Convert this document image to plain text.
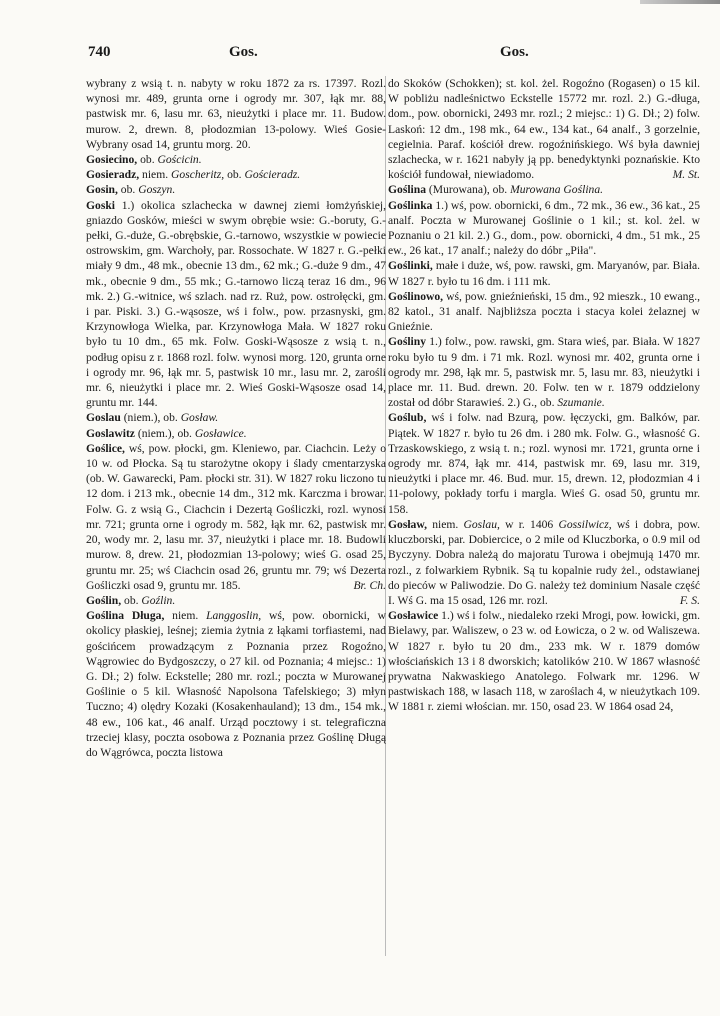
740	Gos.	Gos.

wybrany z wsią t. n. nabyty w roku 1872 za rs. 17397. Rozl. wynosi mr. 489, grunta orne i ogrody mr. 307, łąk mr. 88, pastwisk mr. 6, lasu mr. 63, nieużytki i place mr. 11. Budow. murow. 2, drewn. 8, płodozmian 13-polowy. Wieś Gosie-Wybrany osad 14, gruntu morg. 20.

Gosiecino, ob. Gościcin.

Gosieradz, niem. Goscheritz, ob. Gościeradz.

Gosin, ob. Goszyn.

Goski 1.) okolica szlachecka w dawnej ziemi łomżyńskiej, gniazdo Gosków, mieści w swym obrębie wsie: G.-boruty, G.-pełki, G.-duże, G.-obrębskie, G.-tarnowo, wszystkie w powiecie ostrowskim, gm. Warchoły, par. Rossochate. W 1827 r. G.-pełki miały 9 dm., 48 mk., obecnie 13 dm., 62 mk.; G.-duże 9 dm., 47 mk., obecnie 9 dm., 55 mk.; G.-tarnowo liczą teraz 16 dm., 96 mk. 2.) G.-witnice, wś szlach. nad rz. Ruż, pow. ostrołęcki, gm. i par. Piski. 3.) G.-wąsosze, wś i folw., pow. przasnyski, gm. Krzynowłoga Wielka, par. Krzynowłoga Mała. W 1827 roku było tu 10 dm., 65 mk. Folw. Goski-Wąsosze z wsią t. n., podług opisu z r. 1868 rozl. folw. wynosi morg. 120, grunta orne i ogrody mr. 96, łąk mr. 5, pastwisk 10 mr., lasu mr. 2, zarośli mr. 6, nieużytki i place mr. 2. Wieś Goski-Wąsosze osad 14, gruntu mr. 144.

Goslau (niem.), ob. Gosław.

Goslawitz (niem.), ob. Gosławice.

Goślice, wś, pow. płocki, gm. Kleniewo, par. Ciachcin. Leży o 10 w. od Płocka. Są tu starożytne okopy i ślady cmentarzyska (ob. W. Gawarecki, Pam. płocki str. 31). W 1827 roku liczono tu 12 dom. i 213 mk., obecnie 14 dm., 312 mk. Karczma i browar. Folw. G. z wsią G., Ciachcin i Dezertą Gośliczki, rozl. wynosi mr. 721; grunta orne i ogrody m. 582, łąk mr. 62, pastwisk mr. 20, wody mr. 2, lasu mr. 37, nieużytki i place mr. 18. Budowli murow. 8, drew. 21, płodozmian 13-polowy; wieś G. osad 25, gruntu mr. 25; wś Ciachcin osad 26, gruntu mr. 79; wś Dezerta Gośliczki osad 9, gruntu mr. 185.	Br. Ch.

Goślin, ob. Goźlin.

Goślina Długa, niem. Langgoslin, wś, pow. obornicki, w okolicy płaskiej, leśnej; ziemia żytnia z łąkami torfiastemi, nad gościńcem prowadzącym z Poznania przez Rogoźno, Wągrowiec do Bydgoszczy, o 27 kil. od Poznania; 4 miejsc.: 1) G. Dł.; 2) folw. Eckstelle; 280 mr. rozl.; poczta w Murowanej Goślinie o 5 kil. Własność Napolsona Tafelskiego; 3) młyn Tuczno; 4) olędry Kozaki (Kosakenhauland); 13 dm., 154 mk., 48 ew., 106 kat., 46 analf. Urząd pocztowy i st. telegraficzna trzeciej klasy, poczta osobowa z Poznania przez Goślinę Długą do Wągrówca, poczta listowa

do Skoków (Schokken); st. kol. żel. Rogoźno (Rogasen) o 15 kil. W pobliżu nadleśnictwo Eckstelle 15772 mr. rozl. 2.) G.-długa, dom., pow. obornicki, 2493 mr. rozl.; 2 miejsc.: 1) G. Dł.; 2) folw. Laskoń: 12 dm., 198 mk., 64 ew., 134 kat., 64 analf., 3 gorzelnie, cegielnia. Paraf. kościół drew. rogoźnińskiego. Wś była dawniej szlachecka, w r. 1621 nabyły ją pp. benedyktynki poznańskie. Kto kościół fundował, niewiadomo.	M. St.

Goślina (Murowana), ob. Murowana Goślina.

Goślinka 1.) wś, pow. obornicki, 6 dm., 72 mk., 36 ew., 36 kat., 25 analf. Poczta w Murowanej Goślinie o 1 kil.; st. kol. żel. w Poznaniu o 21 kil. 2.) G., dom., pow. obornicki, 4 dm., 51 mk., 25 ew., 26 kat., 17 analf.; należy do dóbr „Piła".

Goślinki, małe i duże, wś, pow. rawski, gm. Maryanów, par. Biała. W 1827 r. było tu 16 dm. i 111 mk.

Goślinowo, wś, pow. gnieźnieński, 15 dm., 92 mieszk., 10 ewang., 82 katol., 31 analf. Najbliższa poczta i stacya kolei żelaznej w Gnieźnie.

Gośliny 1.) folw., pow. rawski, gm. Stara wieś, par. Biała. W 1827 roku było tu 9 dm. i 71 mk. Rozl. wynosi mr. 402, grunta orne i ogrody mr. 298, łąk mr. 5, pastwisk mr. 5, lasu mr. 83, nieużytki i place mr. 11. Bud. drewn. 20. Folw. ten w r. 1879 oddzielony został od dóbr Starawieś. 2.) G., ob. Szumanie.

Goślub, wś i folw. nad Bzurą, pow. łęczycki, gm. Balków, par. Piątek. W 1827 r. było tu 26 dm. i 280 mk. Folw. G., własność G. Trzaskowskiego, z wsią t. n.; rozl. wynosi mr. 1721, grunta orne i ogrody mr. 874, łąk mr. 414, pastwisk mr. 69, lasu mr. 319, nieużytki i place mr. 46. Bud. mur. 15, drewn. 12, płodozmian 4 i 11-polowy, pokłady torfu i margla. Wieś G. osad 50, gruntu mr. 158.

Gosław, niem. Goslau, w r. 1406 Gossilwicz, wś i dobra, pow. kluczborski, par. Dobiercice, o 2 mile od Kluczborka, o 0.9 mil od Byczyny. Dobra należą do majoratu Turowa i obejmują 1470 mr. rozl., z folwarkiem Rybnik. Są tu kopalnie rudy żel., odstawianej do pieców w Paliwodzie. Do G. należy też dominium Nasale część I. Wś G. ma 15 osad, 126 mr. rozl.	F. S.

Gosławice 1.) wś i folw., niedaleko rzeki Mrogi, pow. łowicki, gm. Bielawy, par. Waliszew, o 23 w. od Łowicza, o 2 w. od Waliszewa. W 1827 r. było tu 20 dm., 233 mk. W r. 1879 domów włościańskich 13 i 8 dworskich; katolików 210. W 1867 własność prywatna Nakwaskiego Anatolego. Folwark mr. 1296. W pastwiskach 188, w lasach 118, w zaroślach 4, w nieużytkach 109. W 1881 r. ziemi włościan. mr. 150, osad 23. W 1864 osad 24,
